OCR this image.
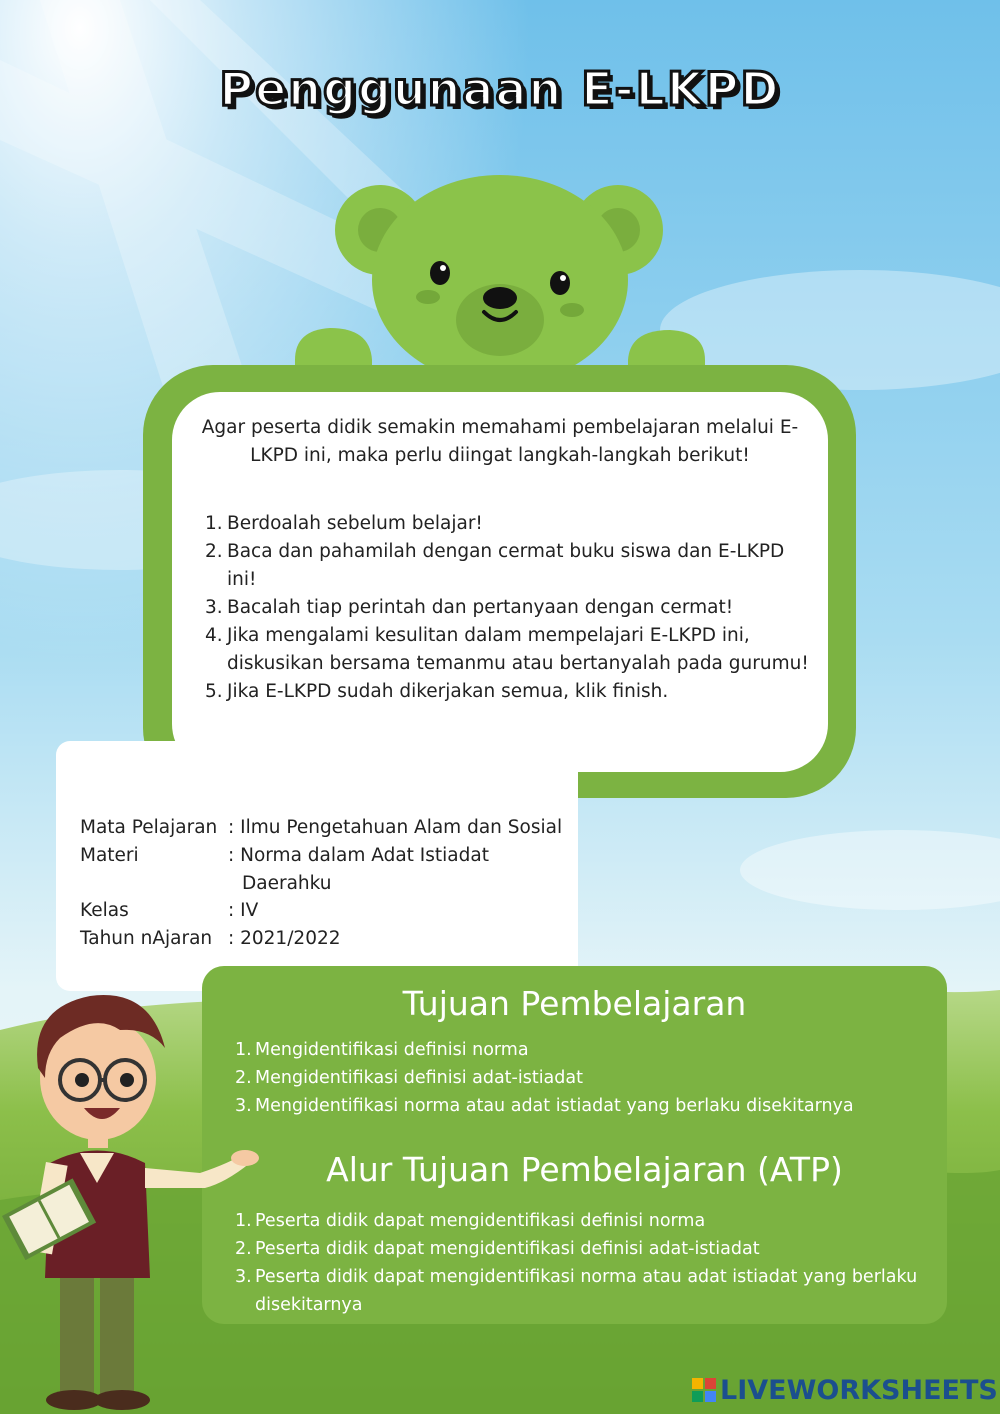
Penggunaan E-LKPD
Agar peserta didik semakin memahami pembelajaran melalui E-LKPD ini, maka perlu diingat langkah-langkah berikut!
1. Berdoalah sebelum belajar!
2. Baca dan pahamilah dengan cermat buku siswa dan E-LKPD ini!
3. Bacalah tiap perintah dan pertanyaan dengan cermat!
4. Jika mengalami kesulitan dalam mempelajari E-LKPD ini, diskusikan bersama temanmu atau bertanyalah pada gurumu!
5. Jika E-LKPD sudah dikerjakan semua, klik finish.
Mata Pelajaran : Ilmu Pengetahuan Alam dan Sosial
Materi	: Norma dalam Adat Istiadat
Daerahku
Kelas	: IV
Tahun nAjaran : 2021/2022
Tujuan Pembelajaran
1. Mengidentifikasi definisi norma
2. Mengidentifikasi definisi adat-istiadat
3. Mengidentifikasi norma atau adat istiadat yang berlaku disekitarnya
Alur Tujuan Pembelajaran (ATP)
1. Peserta didik dapat mengidentifikasi definisi norma
2. Peserta didik dapat mengidentifikasi definisi adat-istiadat
3. Peserta didik dapat mengidentifikasi norma atau adat istiadat yang berlaku disekitarnya
LIVEWORKSHEETS
